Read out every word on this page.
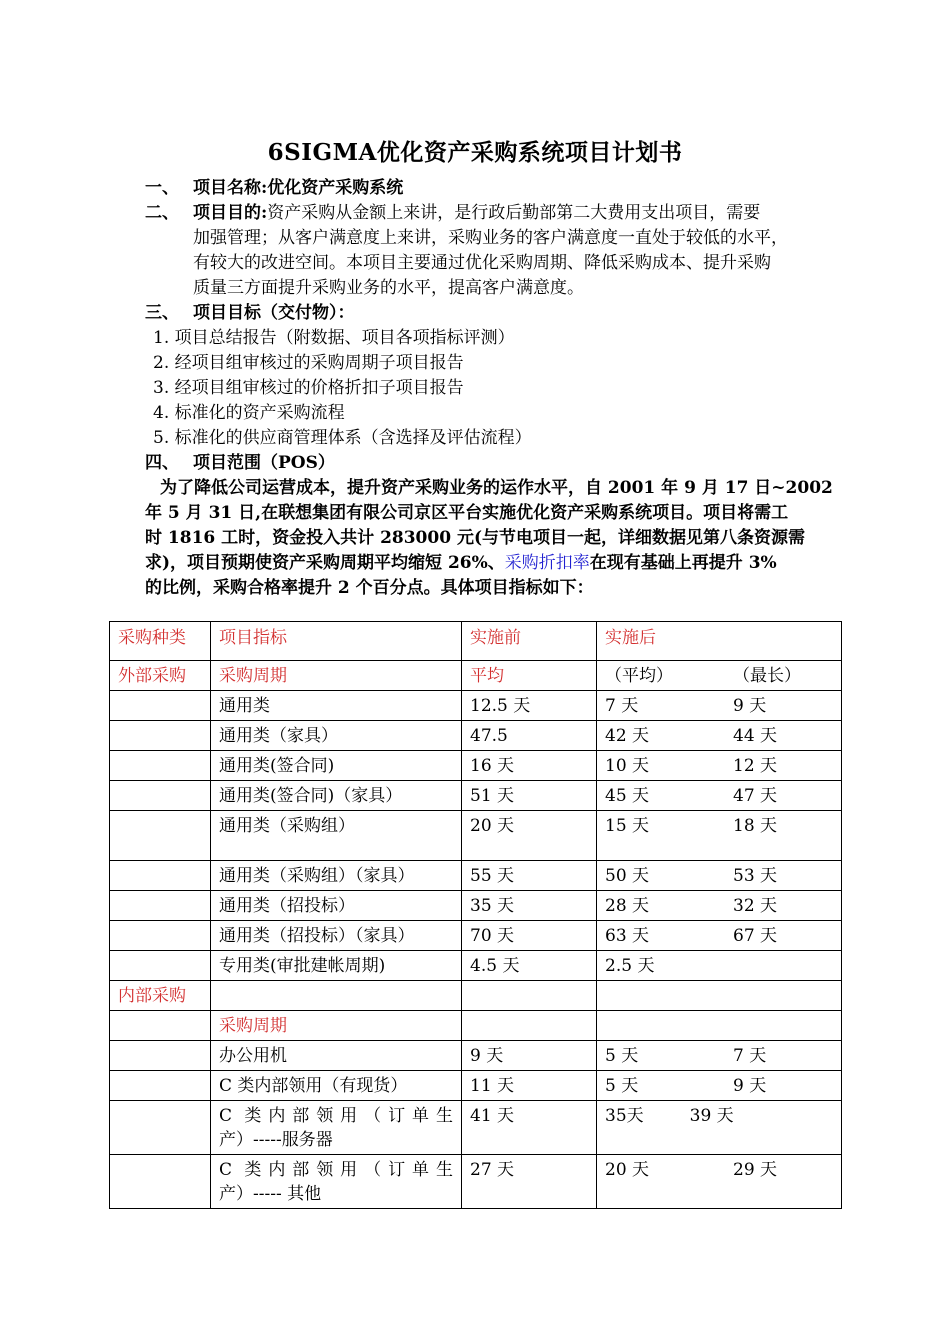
6SIGMA优化资产采购系统项目计划书
一、 项目名称:优化资产采购系统
二、 项目目的:资产采购从金额上来讲，是行政后勤部第二大费用支出项目，需要
加强管理；从客户满意度上来讲，采购业务的客户满意度一直处于较低的水平，
有较大的改进空间。本项目主要通过优化采购周期、降低采购成本、提升采购
质量三方面提升采购业务的水平，提高客户满意度。
三、 项目目标（交付物）：
1. 项目总结报告（附数据、项目各项指标评测）
2. 经项目组审核过的采购周期子项目报告
3. 经项目组审核过的价格折扣子项目报告
4. 标准化的资产采购流程
5. 标准化的供应商管理体系（含选择及评估流程）
四、 项目范围（POS）
为了降低公司运营成本，提升资产采购业务的运作水平，自 2001 年 9 月 17 日~2002
年 5 月 31 日,在联想集团有限公司京区平台实施优化资产采购系统项目。项目将需工
时 1816 工时，资金投入共计 283000 元(与节电项目一起，详细数据见第八条资源需
求)，项目预期使资产采购周期平均缩短 26%、采购折扣率在现有基础上再提升 3%
的比例，采购合格率提升 2 个百分点。具体项目指标如下：
采购种类	项目指标	实施前	实施后
外部采购	采购周期	平均	（平均） （最长）

	通用类	12.5 天	7 天 9 天

	通用类（家具）	47.5	42 天 44 天

	通用类(签合同)	16 天	10 天 12 天

	通用类(签合同)（家具）	51 天	45 天 47 天

	通用类（采购组）	20 天	15 天 18 天

	通用类（采购组）（家具）	55 天	50 天 53 天

	通用类（招投标）	35 天	28 天 32 天

	通用类（招投标）（家具）	70 天	63 天 67 天

	专用类(审批建帐周期)	4.5 天	2.5 天

内部采购			
	采购周期		
	办公用机	9 天	5 天 7 天

	C 类内部领用（有现货）	11 天	5 天 9 天

	C 类内部领用（订单生
产）-----服务器	41 天	35天 39 天

	C 类内部领用（订单生
产）----- 其他	27 天	20 天 29 天
